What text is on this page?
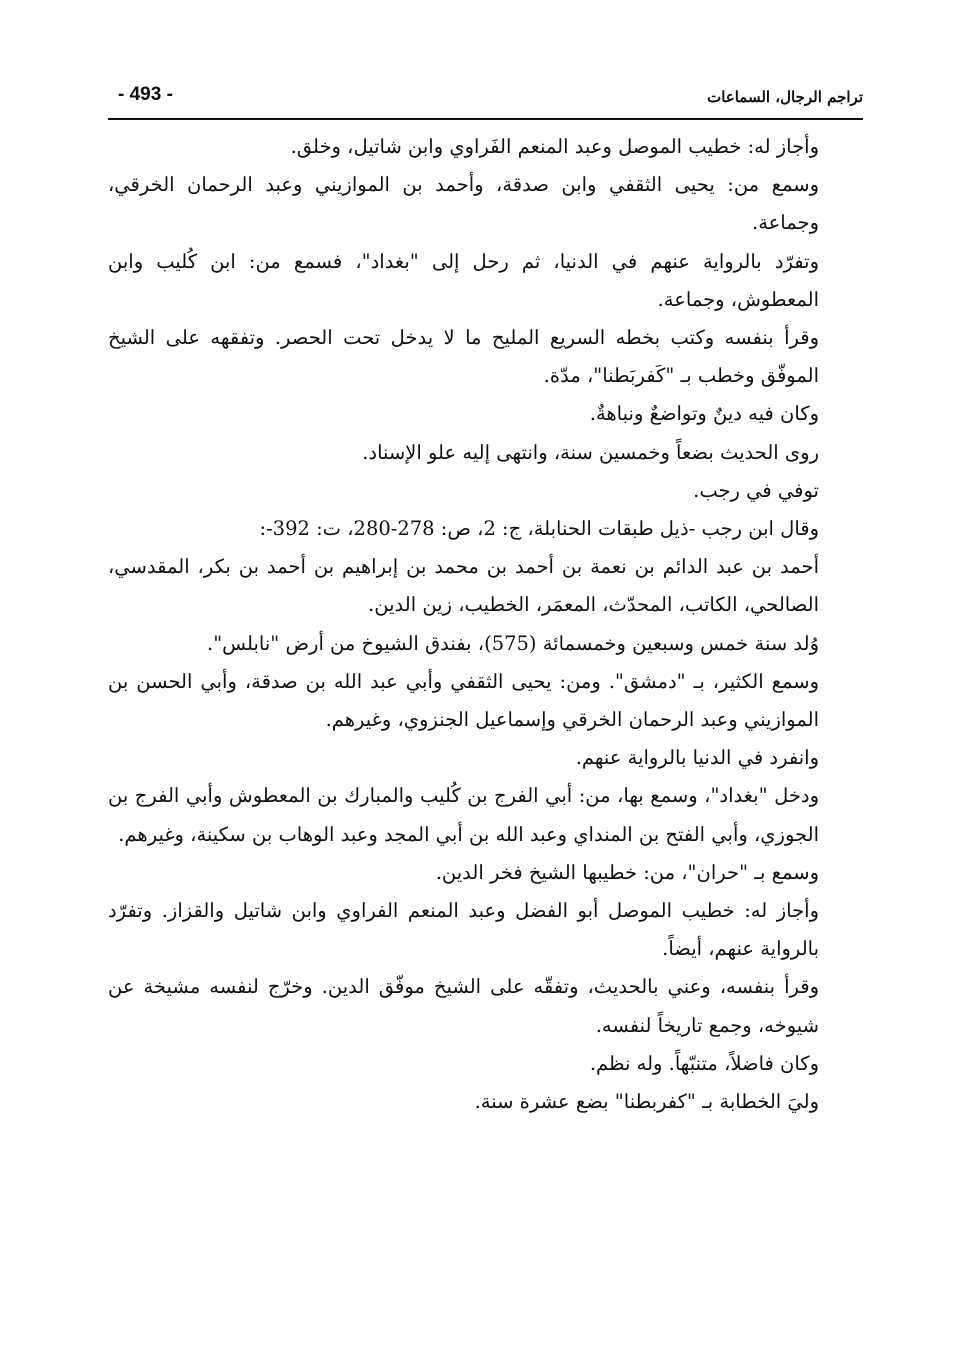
- 493 -	تراجم الرجال، السماعات

وأجاز له: خطيب الموصل وعبد المنعم الفَراوي وابن شاتيل، وخلق.

وسمع من: يحيى الثقفي وابن صدقة، وأحمد بن الموازيني وعبد الرحمان الخرقي، وجماعة.

وتفرّد بالرواية عنهم في الدنيا، ثم رحل إلى "بغداد"، فسمع من: ابن كُليب وابن المعطوش، وجماعة.

وقرأ بنفسه وكتب بخطه السريع المليح ما لا يدخل تحت الحصر. وتفقهه على الشيخ الموفّق وخطب بـ "كَفربَطنا"، مدّة.

وكان فيه دينٌ وتواضعٌ ونباهةٌ.

روى الحديث بضعاً وخمسين سنة، وانتهى إليه علو الإسناد.

توفي في رجب.

وقال ابن رجب -ذيل طبقات الحنابلة، ج: 2، ص: 278-280، ت: 392-:

أحمد بن عبد الدائم بن نعمة بن أحمد بن محمد بن إبراهيم بن أحمد بن بكر، المقدسي، الصالحي، الكاتب، المحدّث، المعمَر، الخطيب، زين الدين.

وُلد سنة خمس وسبعين وخمسمائة (575)، بفندق الشيوخ من أرض "نابلس".

وسمع الكثير، بـ "دمشق". ومن: يحيى الثقفي وأبي عبد الله بن صدقة، وأبي الحسن بن الموازيني وعبد الرحمان الخرقي وإسماعيل الجنزوي، وغيرهم.

وانفرد في الدنيا بالرواية عنهم.

ودخل "بغداد"، وسمع بها، من: أبي الفرج بن كُليب والمبارك بن المعطوش وأبي الفرج بن الجوزي، وأبي الفتح بن المنداي وعبد الله بن أبي المجد وعبد الوهاب بن سكينة، وغيرهم.

وسمع بـ "حران"، من: خطيبها الشيخ فخر الدين.

وأجاز له: خطيب الموصل أبو الفضل وعبد المنعم الفراوي وابن شاتيل والقزاز. وتفرّد بالرواية عنهم، أيضاً.

وقرأ بنفسه، وعني بالحديث، وتفقّه على الشيخ موفّق الدين. وخرّج لنفسه مشيخة عن شيوخه، وجمع تاريخاً لنفسه.

وكان فاضلاً، متنبّهاً. وله نظم.

وليَ الخطابة بـ "كفربطنا" بضع عشرة سنة.
